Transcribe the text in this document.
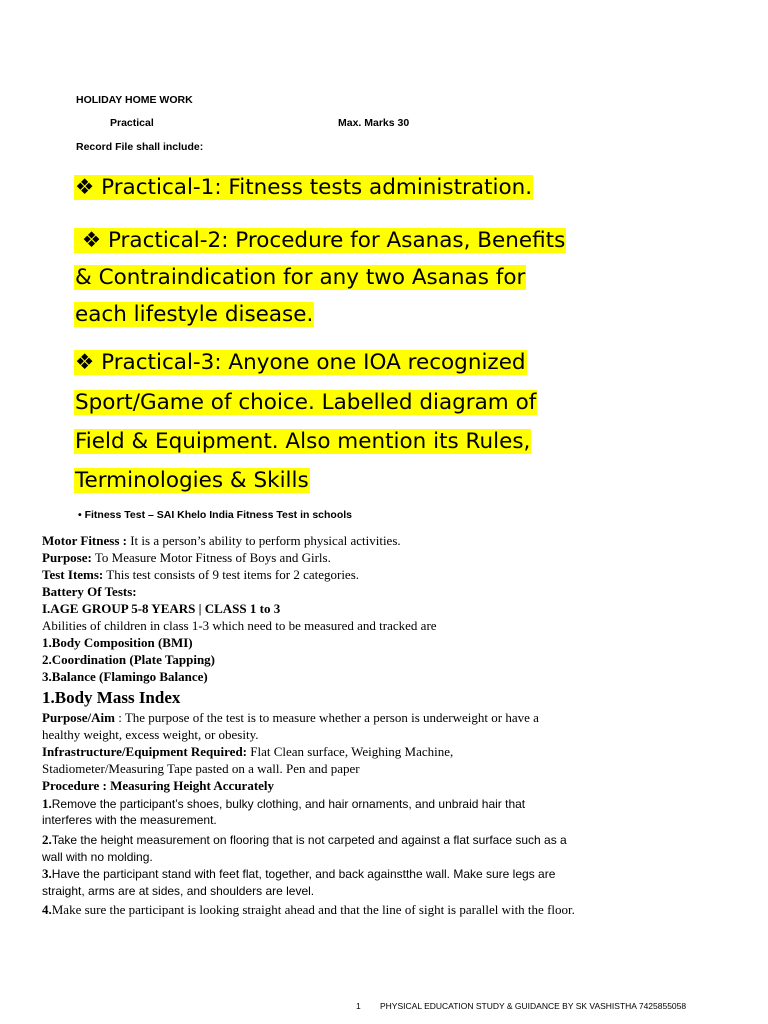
HOLIDAY HOME WORK
Practical	Max. Marks 30
Record File shall include:
❖ Practical-1: Fitness tests administration.
❖ Practical-2: Procedure for Asanas, Benefits
& Contraindication for any two Asanas for
each lifestyle disease.
❖ Practical-3: Anyone one IOA recognized
Sport/Game of choice. Labelled diagram of
Field & Equipment. Also mention its Rules,
Terminologies & Skills
• Fitness Test – SAI Khelo India Fitness Test in schools
Motor Fitness : It is a person’s ability to perform physical activities.
Purpose: To Measure Motor Fitness of Boys and Girls.
Test Items: This test consists of 9 test items for 2 categories.
Battery Of Tests:
I.AGE GROUP 5-8 YEARS | CLASS 1 to 3
Abilities of children in class 1-3 which need to be measured and tracked are
1.Body Composition (BMI)
2.Coordination (Plate Tapping)
3.Balance (Flamingo Balance)
1.Body Mass Index
Purpose/Aim : The purpose of the test is to measure whether a person is underweight or have a
healthy weight, excess weight, or obesity.
Infrastructure/Equipment Required: Flat Clean surface, Weighing Machine,
Stadiometer/Measuring Tape pasted on a wall. Pen and paper
Procedure : Measuring Height Accurately
1.Remove the participant’s shoes, bulky clothing, and hair ornaments, and unbraid hair that
interferes with the measurement.
2.Take the height measurement on flooring that is not carpeted and against a flat surface such as a
wall with no molding.
3.Have the participant stand with feet flat, together, and back againstthe wall. Make sure legs are
straight, arms are at sides, and shoulders are level.
4.Make sure the participant is looking straight ahead and that the line of sight is parallel with the floor.
1 PHYSICAL EDUCATION STUDY & GUIDANCE BY SK VASHISTHA 7425855058
